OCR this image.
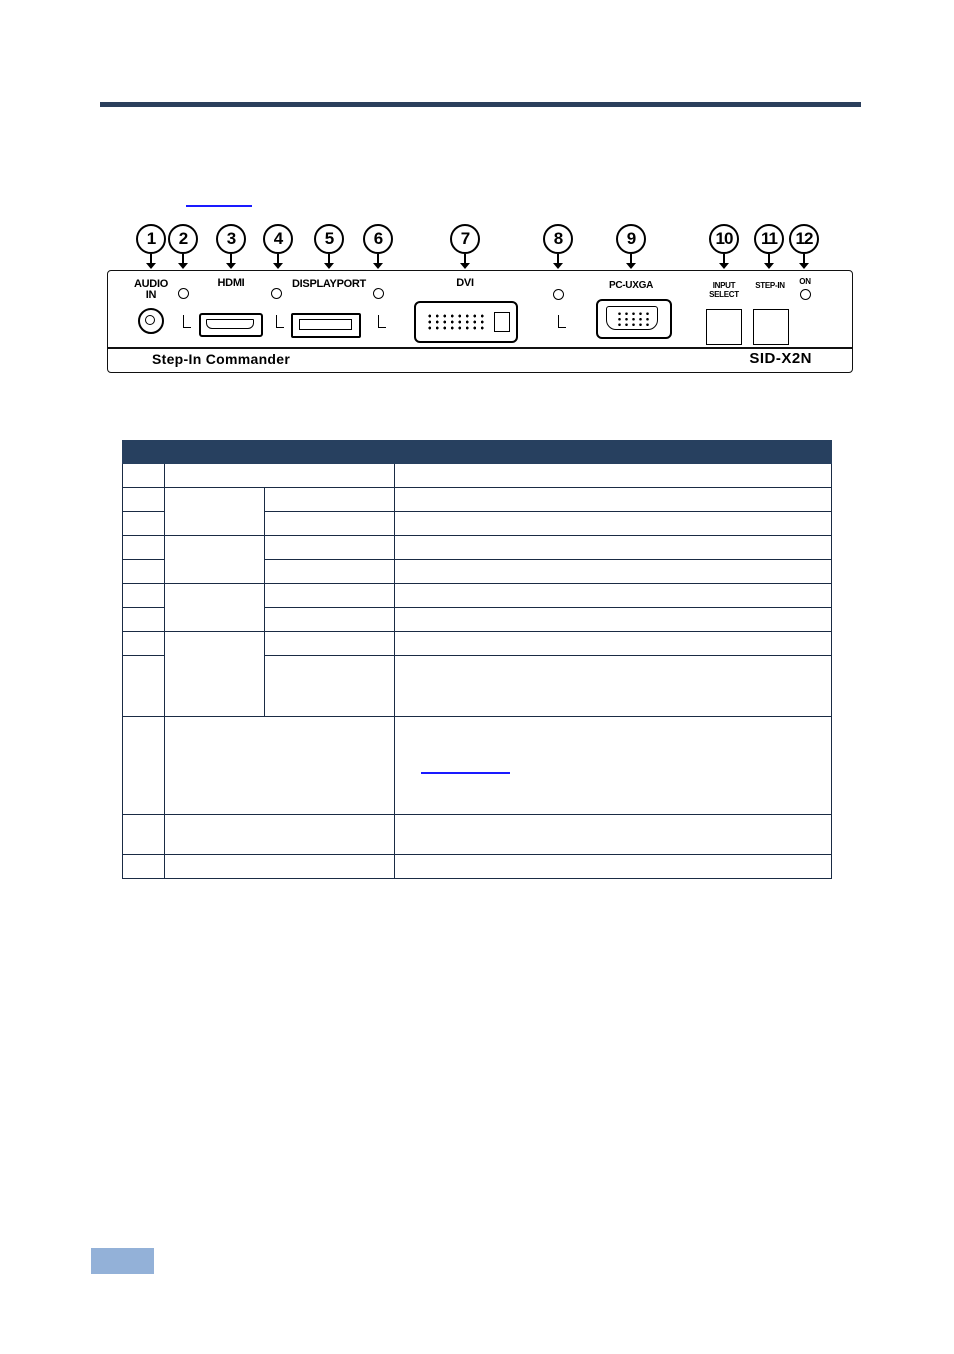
1	2	3	4	5	6	7	8	9	10	11	12
AUDIO
IN
HDMI	DISPLAYPORT	DVI	PC-UXGA	INPUT
SELECT
STEP-IN	ON
Step-In Commander	SID-X2N
